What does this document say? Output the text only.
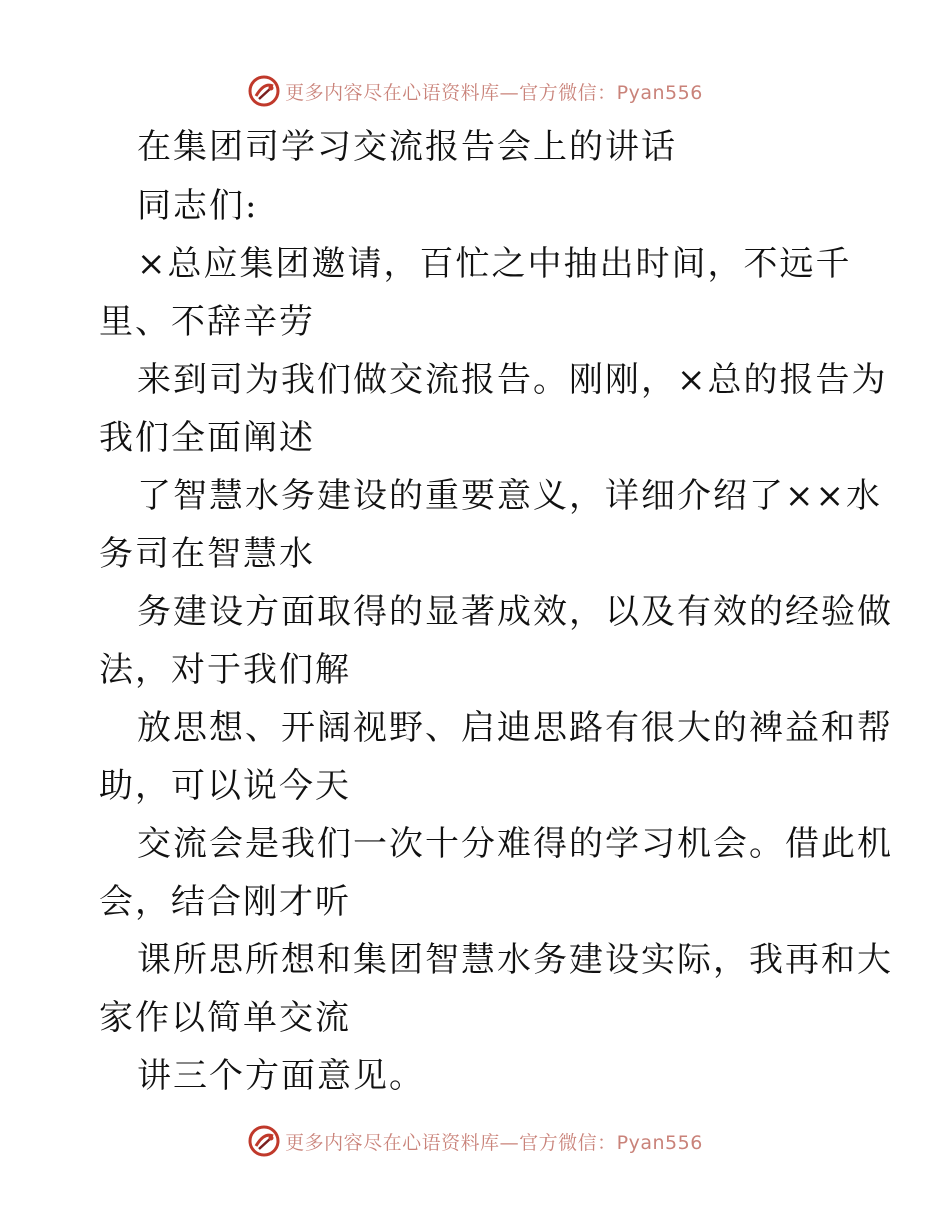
更多内容尽在心语资料库—官方微信：Pyan556
在集团司学习交流报告会上的讲话
同志们:
×总应集团邀请，百忙之中抽出时间，不远千
里、不辞辛劳
来到司为我们做交流报告。刚刚，×总的报告为
我们全面阐述
了智慧水务建设的重要意义，详细介绍了××水
务司在智慧水
务建设方面取得的显著成效，以及有效的经验做
法，对于我们解
放思想、开阔视野、启迪思路有很大的裨益和帮
助，可以说今天
交流会是我们一次十分难得的学习机会。借此机
会，结合刚才听
课所思所想和集团智慧水务建设实际，我再和大
家作以简单交流
讲三个方面意见。
更多内容尽在心语资料库—官方微信：Pyan556
